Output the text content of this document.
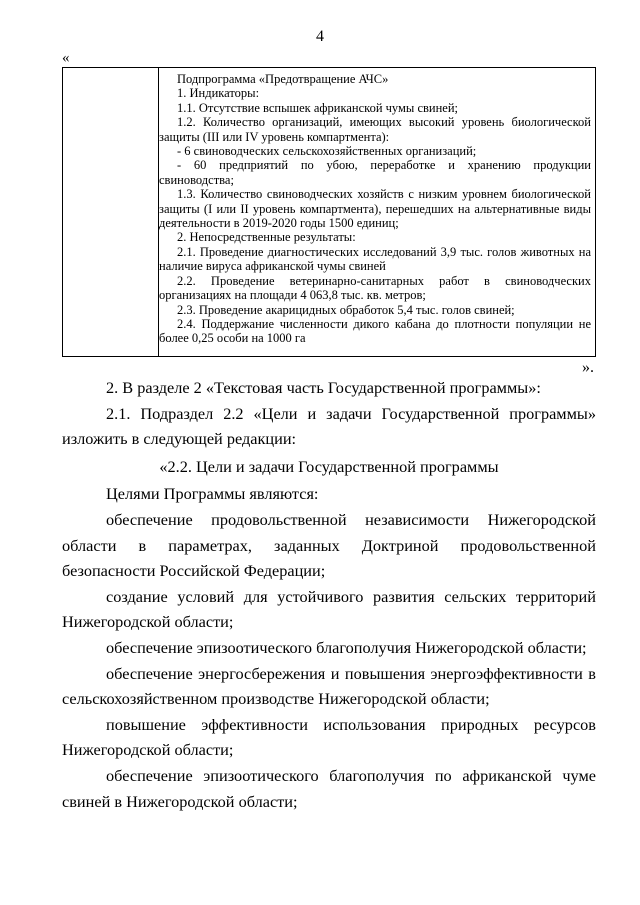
4
«

Подпрограмма «Предотвращение АЧС»

1. Индикаторы:

1.1. Отсутствие вспышек африканской чумы свиней;

1.2. Количество организаций, имеющих высокий уровень биологической защиты (III или IV уровень компартмента):

- 6 свиноводческих сельскохозяйственных организаций;

- 60 предприятий по убою, переработке и хранению продукции свиноводства;

1.3. Количество свиноводческих хозяйств с низким уровнем биологической защиты (I или II уровень компартмента), перешедших на альтернативные виды деятельности в 2019-2020 годы 1500 единиц;

2. Непосредственные результаты:

2.1. Проведение диагностических исследований 3,9 тыс. голов животных на наличие вируса африканской чумы свиней

2.2. Проведение ветеринарно-санитарных работ в свиноводческих организациях на площади 4 063,8 тыс. кв. метров;

2.3. Проведение акарицидных обработок 5,4 тыс. голов свиней;

2.4. Поддержание численности дикого кабана до плотности популяции не более 0,25 особи на 1000 га

».

2. В разделе 2 «Текстовая часть Государственной программы»:

2.1. Подраздел 2.2 «Цели и задачи Государственной программы» изложить в следующей редакции:

«2.2. Цели и задачи Государственной программы

Целями Программы являются:

обеспечение продовольственной независимости Нижегородской области в параметрах, заданных Доктриной продовольственной безопасности Российской Федерации;

создание условий для устойчивого развития сельских территорий Нижегородской области;

обеспечение эпизоотического благополучия Нижегородской области;

обеспечение энергосбережения и повышения энергоэффективности в сельскохозяйственном производстве Нижегородской области;

повышение эффективности использования природных ресурсов Нижегородской области;

обеспечение эпизоотического благополучия по африканской чуме свиней в Нижегородской области;
